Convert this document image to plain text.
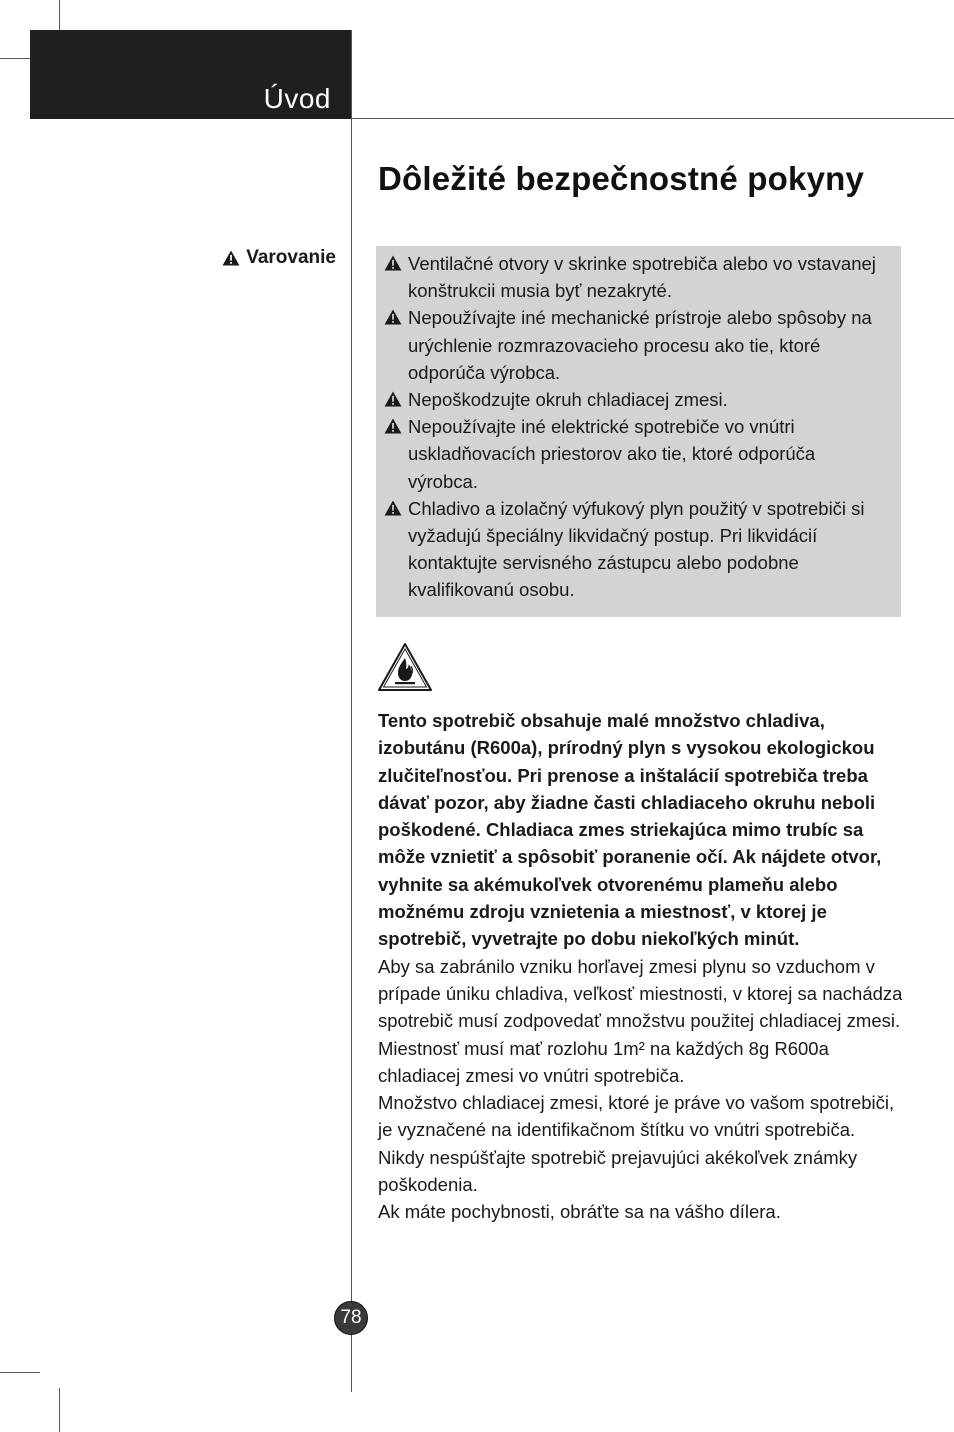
Úvod
Dôležité bezpečnostné pokyny
Varovanie	Ventilačné otvory v skrinke spotrebiča alebo vo vstavanej konštrukcii musia byť nezakryté.
Nepoužívajte iné mechanické prístroje alebo spôsoby na urýchlenie rozmrazovacieho procesu ako tie, ktoré odporúča výrobca.
Nepoškodzujte okruh chladiacej zmesi.
Nepoužívajte iné elektrické spotrebiče vo vnútri uskladňovacích priestorov ako tie, ktoré odporúča výrobca.
Chladivo a izolačný výfukový plyn použitý v spotrebiči si vyžadujú špeciálny likvidačný postup. Pri likvidácií kontaktujte servisného zástupcu alebo podobne kvalifikovanú osobu.

Tento spotrebič obsahuje malé množstvo chladiva, izobutánu (R600a), prírodný plyn s vysokou ekologickou zlučiteľnosťou. Pri prenose a inštalácií spotrebiča treba dávať pozor, aby žiadne časti chladiaceho okruhu neboli poškodené. Chladiaca zmes striekajúca mimo trubíc sa môže vznietiť a spôsobiť poranenie očí. Ak nájdete otvor, vyhnite sa akémukoľvek otvorenému plameňu alebo možnému zdroju vznietenia a miestnosť, v ktorej je spotrebič, vyvetrajte po dobu niekoľkých minút.

Aby sa zabránilo vzniku horľavej zmesi plynu so vzduchom v prípade úniku chladiva, veľkosť miestnosti, v ktorej sa nachádza spotrebič musí zodpovedať množstvu použitej chladiacej zmesi. Miestnosť musí mať rozlohu 1m² na každých 8g R600a chladiacej zmesi vo vnútri spotrebiča.

Množstvo chladiacej zmesi, ktoré je práve vo vašom spotrebiči, je vyznačené na identifikačnom štítku vo vnútri spotrebiča.

Nikdy nespúšťajte spotrebič prejavujúci akékoľvek známky poškodenia.

Ak máte pochybnosti, obráťte sa na vášho dílera.

78
